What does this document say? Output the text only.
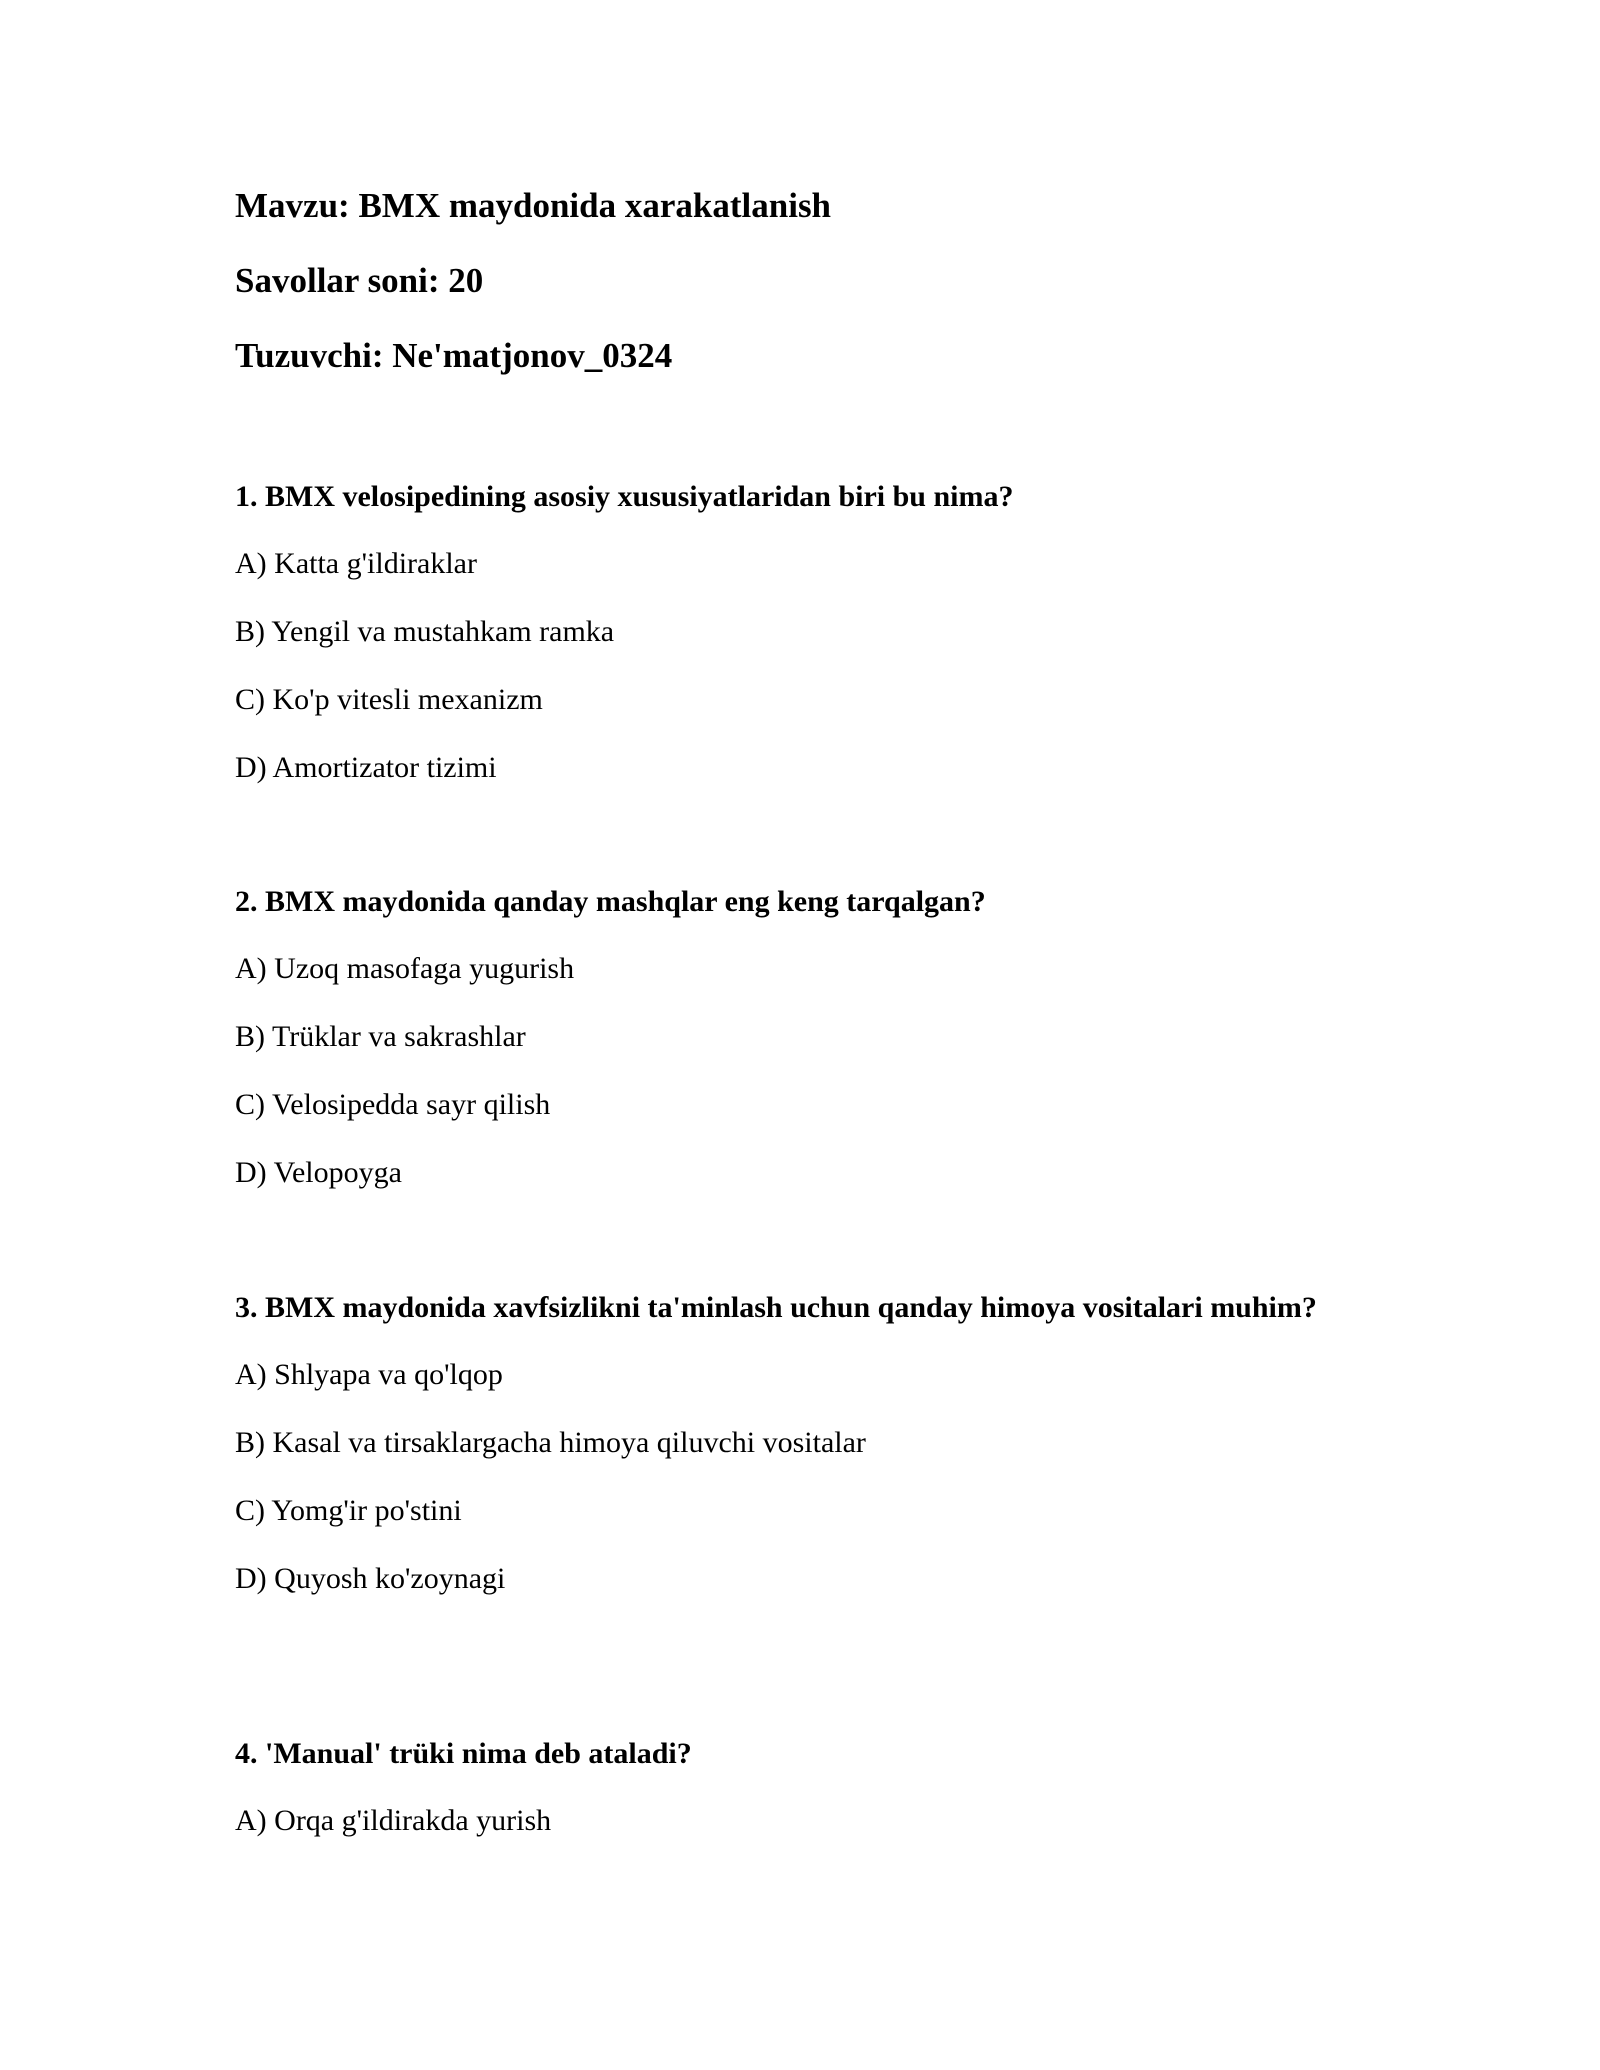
Mavzu: BMX maydonida xarakatlanish
Savollar soni: 20
Tuzuvchi: Ne'matjonov_0324
1. BMX velosipedining asosiy xususiyatlaridan biri bu nima?
A) Katta g'ildiraklar
B) Yengil va mustahkam ramka
C) Ko'p vitesli mexanizm
D) Amortizator tizimi
2. BMX maydonida qanday mashqlar eng keng tarqalgan?
A) Uzoq masofaga yugurish
B) Trüklar va sakrashlar
C) Velosipedda sayr qilish
D) Velopoyga
3. BMX maydonida xavfsizlikni ta'minlash uchun qanday himoya vositalari muhim?
A) Shlyapa va qo'lqop
B) Kasal va tirsaklargacha himoya qiluvchi vositalar
C) Yomg'ir po'stini
D) Quyosh ko'zoynagi
4. 'Manual' trüki nima deb ataladi?
A) Orqa g'ildirakda yurish
